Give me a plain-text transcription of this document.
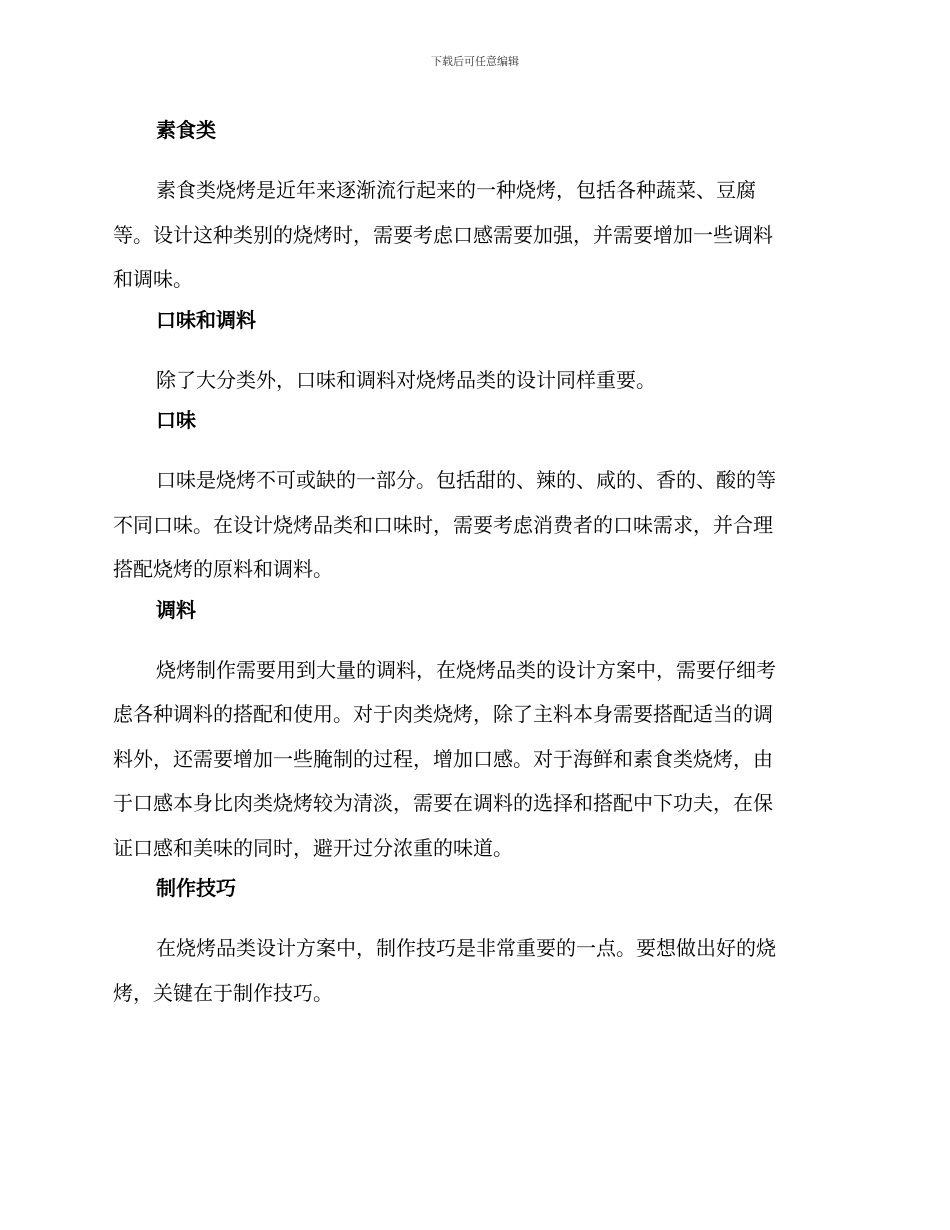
下载后可任意编辑
素食类

素食类烧烤是近年来逐渐流行起来的一种烧烤，包括各种蔬菜、豆腐
等。设计这种类别的烧烤时，需要考虑口感需要加强，并需要增加一些调料
和调味。

口味和调料

除了大分类外，口味和调料对烧烤品类的设计同样重要。

口味

口味是烧烤不可或缺的一部分。包括甜的、辣的、咸的、香的、酸的等
不同口味。在设计烧烤品类和口味时，需要考虑消费者的口味需求，并合理
搭配烧烤的原料和调料。

调料

烧烤制作需要用到大量的调料，在烧烤品类的设计方案中，需要仔细考
虑各种调料的搭配和使用。对于肉类烧烤，除了主料本身需要搭配适当的调
料外，还需要增加一些腌制的过程，增加口感。对于海鲜和素食类烧烤，由
于口感本身比肉类烧烤较为清淡，需要在调料的选择和搭配中下功夫，在保
证口感和美味的同时，避开过分浓重的味道。

制作技巧

在烧烤品类设计方案中，制作技巧是非常重要的一点。要想做出好的烧
烤，关键在于制作技巧。
